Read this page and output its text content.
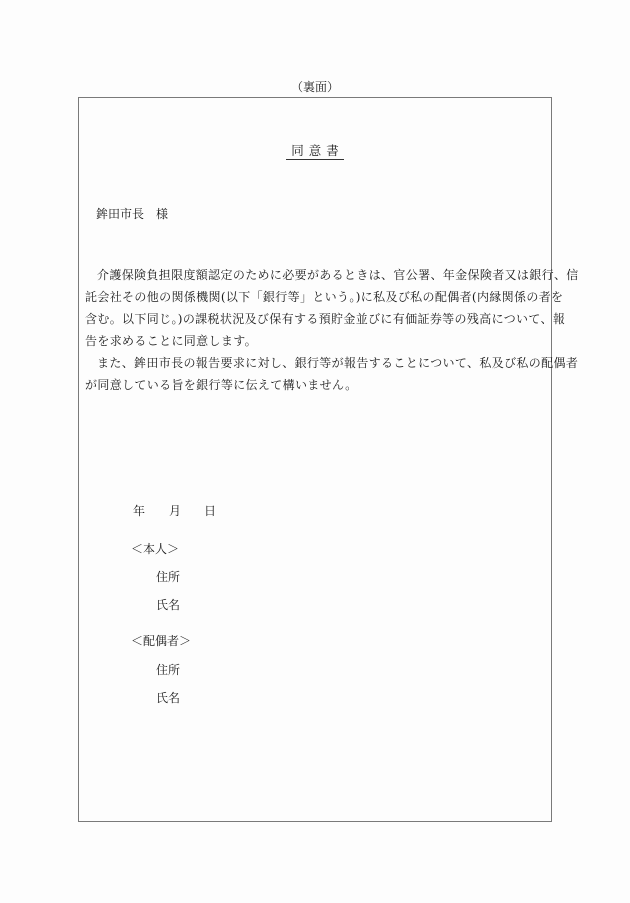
（裏面）
同意書
鉾田市長　様
介護保険負担限度額認定のために必要があるときは、官公署、年金保険者又は銀行、信
託会社その他の関係機関(以下「銀行等」という。)に私及び私の配偶者(内縁関係の者を
含む。以下同じ。)の課税状況及び保有する預貯金並びに有価証券等の残高について、報
告を求めることに同意します。
また、鉾田市長の報告要求に対し、銀行等が報告することについて、私及び私の配偶者
が同意している旨を銀行等に伝えて構いません。
年 月 日
＜本人＞
住所
氏名
＜配偶者＞
住所
氏名
